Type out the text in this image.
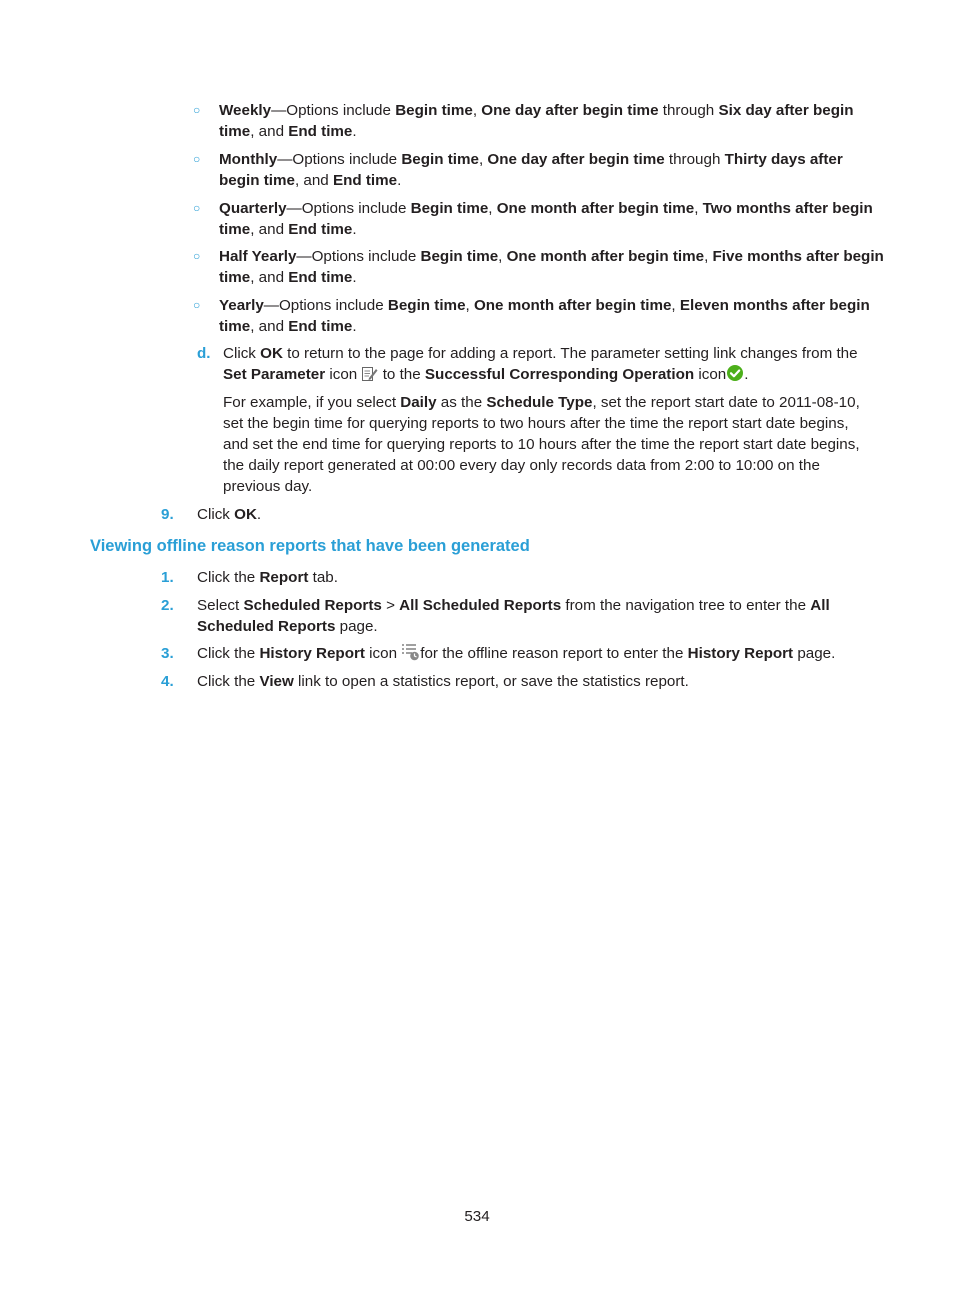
○ Weekly—Options include Begin time, One day after begin time through Six day after begin
time, and End time.
○ Monthly—Options include Begin time, One day after begin time through Thirty days after
begin time, and End time.
○ Quarterly—Options include Begin time, One month after begin time, Two months after begin
time, and End time.
○ Half Yearly—Options include Begin time, One month after begin time, Five months after begin
time, and End time.
○ Yearly—Options include Begin time, One month after begin time, Eleven months after begin
time, and End time.
d. Click OK to return to the page for adding a report. The parameter setting link changes from the
Set Parameter icon  to the Successful Corresponding Operation icon .
For example, if you select Daily as the Schedule Type, set the report start date to 2011-08-10,
set the begin time for querying reports to two hours after the time the report start date begins,
and set the end time for querying reports to 10 hours after the time the report start date begins,
the daily report generated at 00:00 every day only records data from 2:00 to 10:00 on the
previous day.
9. Click OK.
Viewing offline reason reports that have been generated
1. Click the Report tab.
2. Select Scheduled Reports > All Scheduled Reports from the navigation tree to enter the All
Scheduled Reports page.
3. Click the History Report icon for the offline reason report to enter the History Report page.
4. Click the View link to open a statistics report, or save the statistics report.
534
